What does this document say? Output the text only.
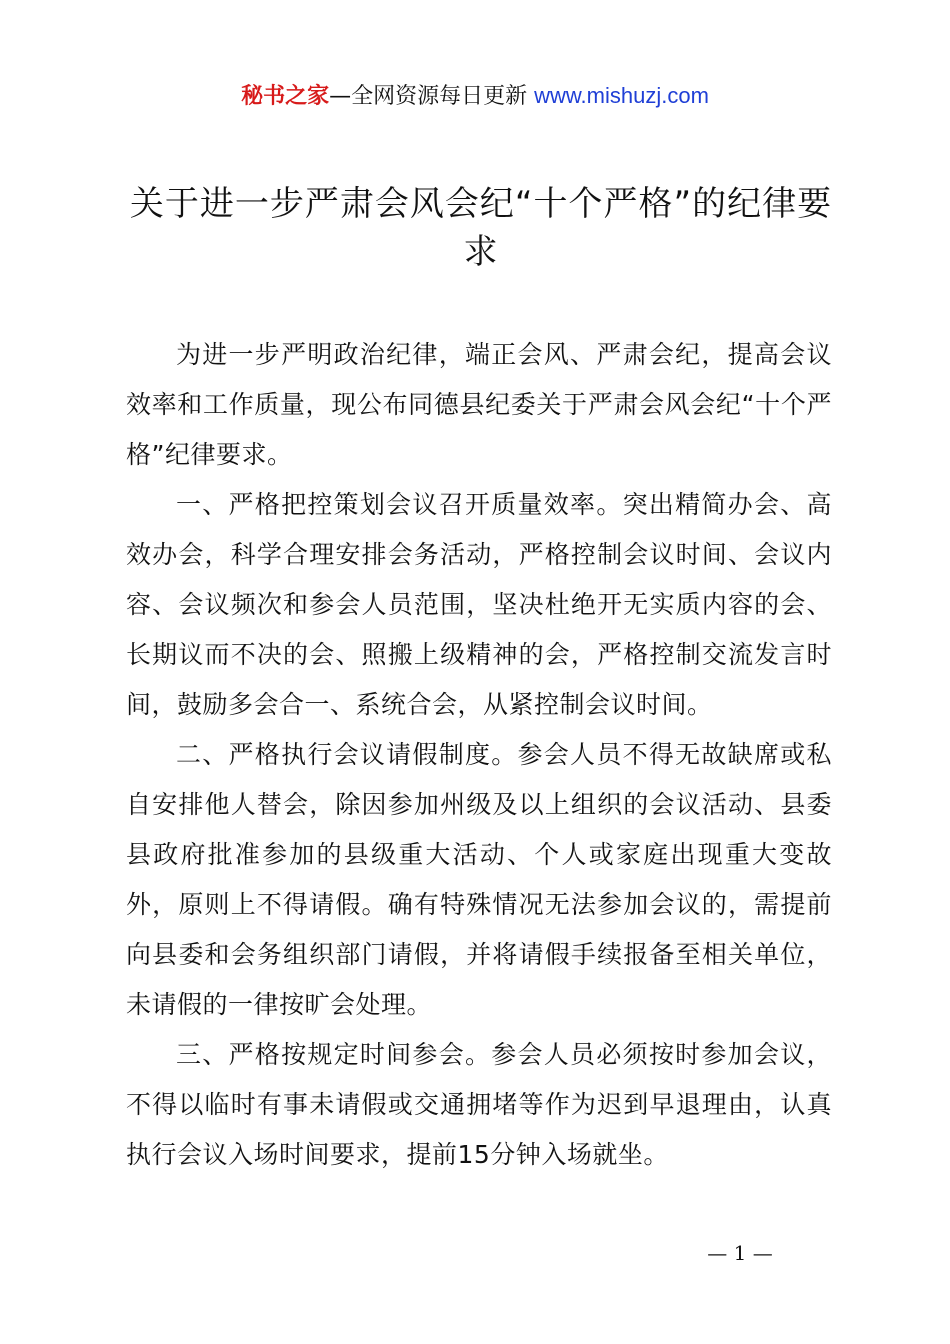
秘书之家—全网资源每日更新 www.mishuzj.com
关于进一步严肃会风会纪“十个严格”的纪律要求

为进一步严明政治纪律，端正会风、严肃会纪，提高会议效率和工作质量，现公布同德县纪委关于严肃会风会纪“十个严格”纪律要求。

一、严格把控策划会议召开质量效率。突出精简办会、高效办会，科学合理安排会务活动，严格控制会议时间、会议内容、会议频次和参会人员范围，坚决杜绝开无实质内容的会、长期议而不决的会、照搬上级精神的会，严格控制交流发言时间，鼓励多会合一、系统合会，从紧控制会议时间。

二、严格执行会议请假制度。参会人员不得无故缺席或私自安排他人替会，除因参加州级及以上组织的会议活动、县委县政府批准参加的县级重大活动、个人或家庭出现重大变故外，原则上不得请假。确有特殊情况无法参加会议的，需提前向县委和会务组织部门请假，并将请假手续报备至相关单位，未请假的一律按旷会处理。

三、严格按规定时间参会。参会人员必须按时参加会议，不得以临时有事未请假或交通拥堵等作为迟到早退理由，认真执行会议入场时间要求，提前15分钟入场就坐。

— 1 —
